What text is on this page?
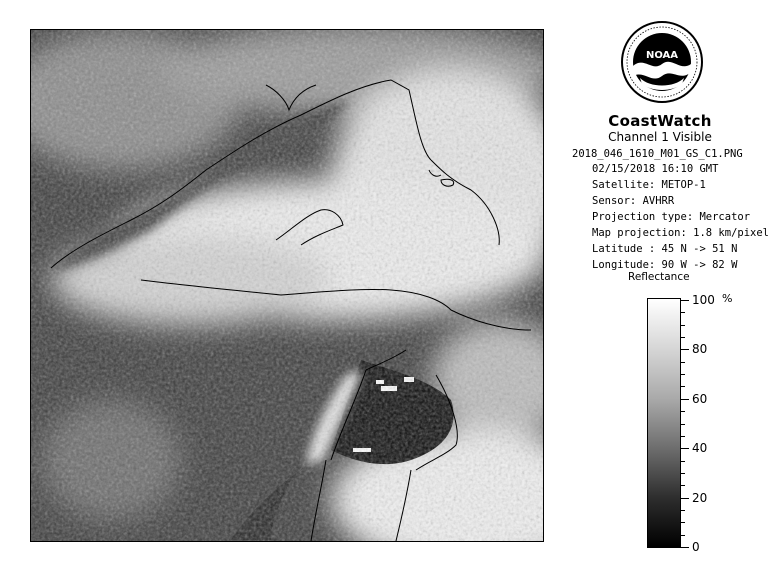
NOAA
CoastWatch
Channel 1 Visible
2018_046_1610_M01_GS_C1.PNG
02/15/2018 16:10 GMT
Satellite: METOP-1
Sensor: AVHRR
Projection type: Mercator
Map projection: 1.8 km/pixel
Latitude : 45 N -> 51 N
Longitude: 90 W -> 82 W
Reflectance
%
100
80
60
40
20
0
